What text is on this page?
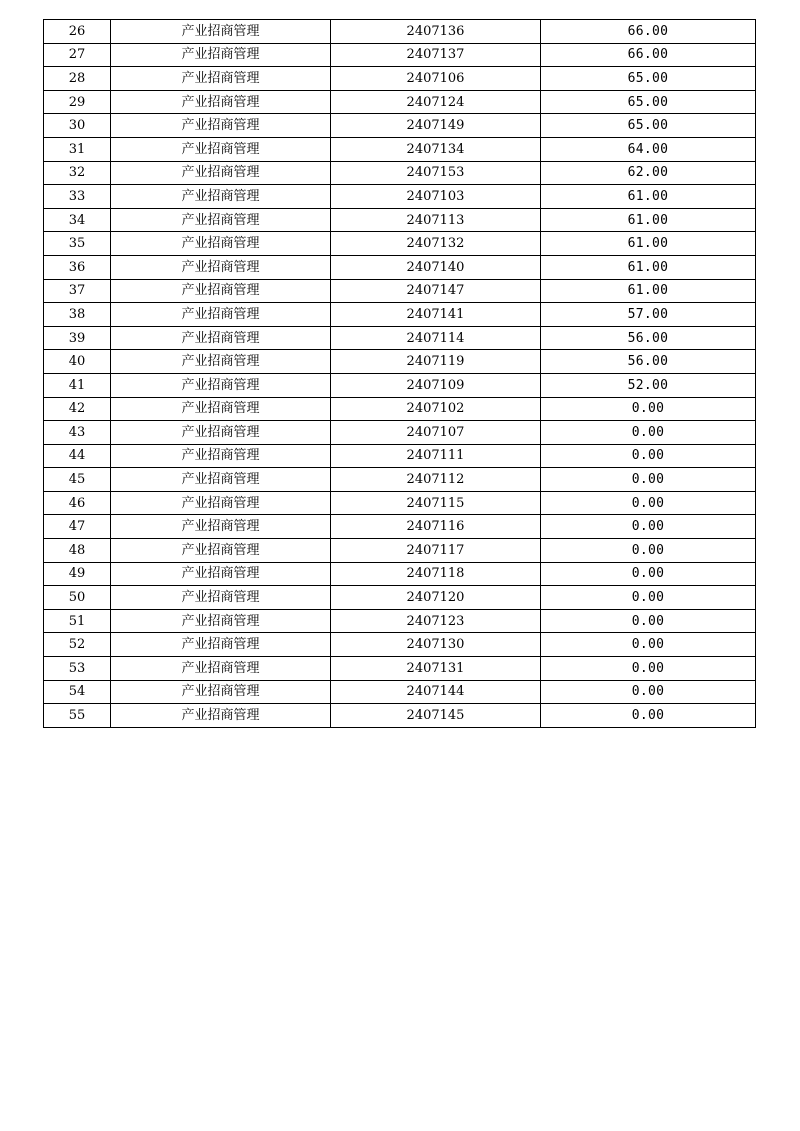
26	产业招商管理	2407136	66.00
27	产业招商管理	2407137	66.00
28	产业招商管理	2407106	65.00
29	产业招商管理	2407124	65.00
30	产业招商管理	2407149	65.00
31	产业招商管理	2407134	64.00
32	产业招商管理	2407153	62.00
33	产业招商管理	2407103	61.00
34	产业招商管理	2407113	61.00
35	产业招商管理	2407132	61.00
36	产业招商管理	2407140	61.00
37	产业招商管理	2407147	61.00
38	产业招商管理	2407141	57.00
39	产业招商管理	2407114	56.00
40	产业招商管理	2407119	56.00
41	产业招商管理	2407109	52.00
42	产业招商管理	2407102	0.00
43	产业招商管理	2407107	0.00
44	产业招商管理	2407111	0.00
45	产业招商管理	2407112	0.00
46	产业招商管理	2407115	0.00
47	产业招商管理	2407116	0.00
48	产业招商管理	2407117	0.00
49	产业招商管理	2407118	0.00
50	产业招商管理	2407120	0.00
51	产业招商管理	2407123	0.00
52	产业招商管理	2407130	0.00
53	产业招商管理	2407131	0.00
54	产业招商管理	2407144	0.00
55	产业招商管理	2407145	0.00
